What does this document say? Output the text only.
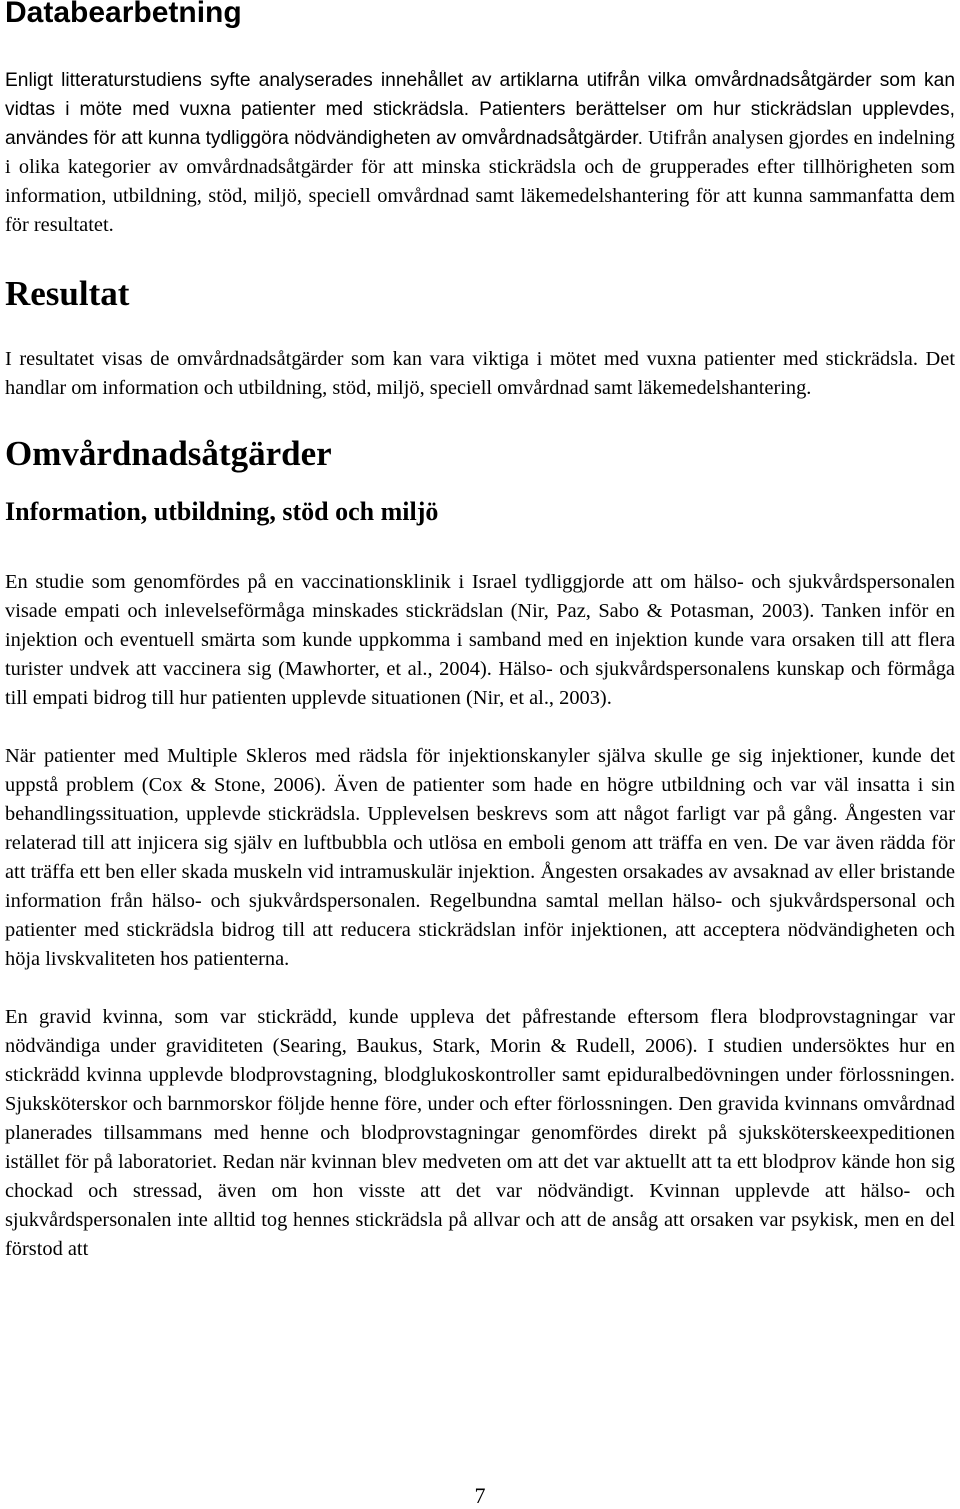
Databearbetning

Enligt litteraturstudiens syfte analyserades innehållet av artiklarna utifrån vilka omvårdnadsåtgärder som kan vidtas i möte med vuxna patienter med stickrädsla. Patienters berättelser om hur stickrädslan upplevdes, användes för att kunna tydliggöra nödvändigheten av omvårdnadsåtgärder. Utifrån analysen gjordes en indelning i olika kategorier av omvårdnadsåtgärder för att minska stickrädsla och de grupperades efter tillhörigheten som information, utbildning, stöd, miljö, speciell omvårdnad samt läkemedelshantering för att kunna sammanfatta dem för resultatet.

Resultat

I resultatet visas de omvårdnadsåtgärder som kan vara viktiga i mötet med vuxna patienter med stickrädsla. Det handlar om information och utbildning, stöd, miljö, speciell omvårdnad samt läkemedelshantering.

Omvårdnadsåtgärder
Information, utbildning, stöd och miljö

En studie som genomfördes på en vaccinationsklinik i Israel tydliggjorde att om hälso- och sjukvårdspersonalen visade empati och inlevelseförmåga minskades stickrädslan (Nir, Paz, Sabo & Potasman, 2003). Tanken inför en injektion och eventuell smärta som kunde uppkomma i samband med en injektion kunde vara orsaken till att flera turister undvek att vaccinera sig (Mawhorter, et al., 2004). Hälso- och sjukvårdspersonalens kunskap och förmåga till empati bidrog till hur patienten upplevde situationen (Nir, et al., 2003).

När patienter med Multiple Skleros med rädsla för injektionskanyler själva skulle ge sig injektioner, kunde det uppstå problem (Cox & Stone, 2006). Även de patienter som hade en högre utbildning och var väl insatta i sin behandlingssituation, upplevde stickrädsla. Upplevelsen beskrevs som att något farligt var på gång. Ångesten var relaterad till att injicera sig själv en luftbubbla och utlösa en emboli genom att träffa en ven. De var även rädda för att träffa ett ben eller skada muskeln vid intramuskulär injektion. Ångesten orsakades av avsaknad av eller bristande information från hälso- och sjukvårdspersonalen. Regelbundna samtal mellan hälso- och sjukvårdspersonal och patienter med stickrädsla bidrog till att reducera stickrädslan inför injektionen, att acceptera nödvändigheten och höja livskvaliteten hos patienterna.

En gravid kvinna, som var stickrädd, kunde uppleva det påfrestande eftersom flera blodprovstagningar var nödvändiga under graviditeten (Searing, Baukus, Stark, Morin & Rudell, 2006). I studien undersöktes hur en stickrädd kvinna upplevde blodprovstagning, blodglukoskontroller samt epiduralbedövningen under förlossningen. Sjuksköterskor och barnmorskor följde henne före, under och efter förlossningen. Den gravida kvinnans omvårdnad planerades tillsammans med henne och blodprovstagningar genomfördes direkt på sjuksköterskeexpeditionen istället för på laboratoriet. Redan när kvinnan blev medveten om att det var aktuellt att ta ett blodprov kände hon sig chockad och stressad, även om hon visste att det var nödvändigt. Kvinnan upplevde att hälso- och sjukvårdspersonalen inte alltid tog hennes stickrädsla på allvar och att de ansåg att orsaken var psykisk, men en del förstod att

7
